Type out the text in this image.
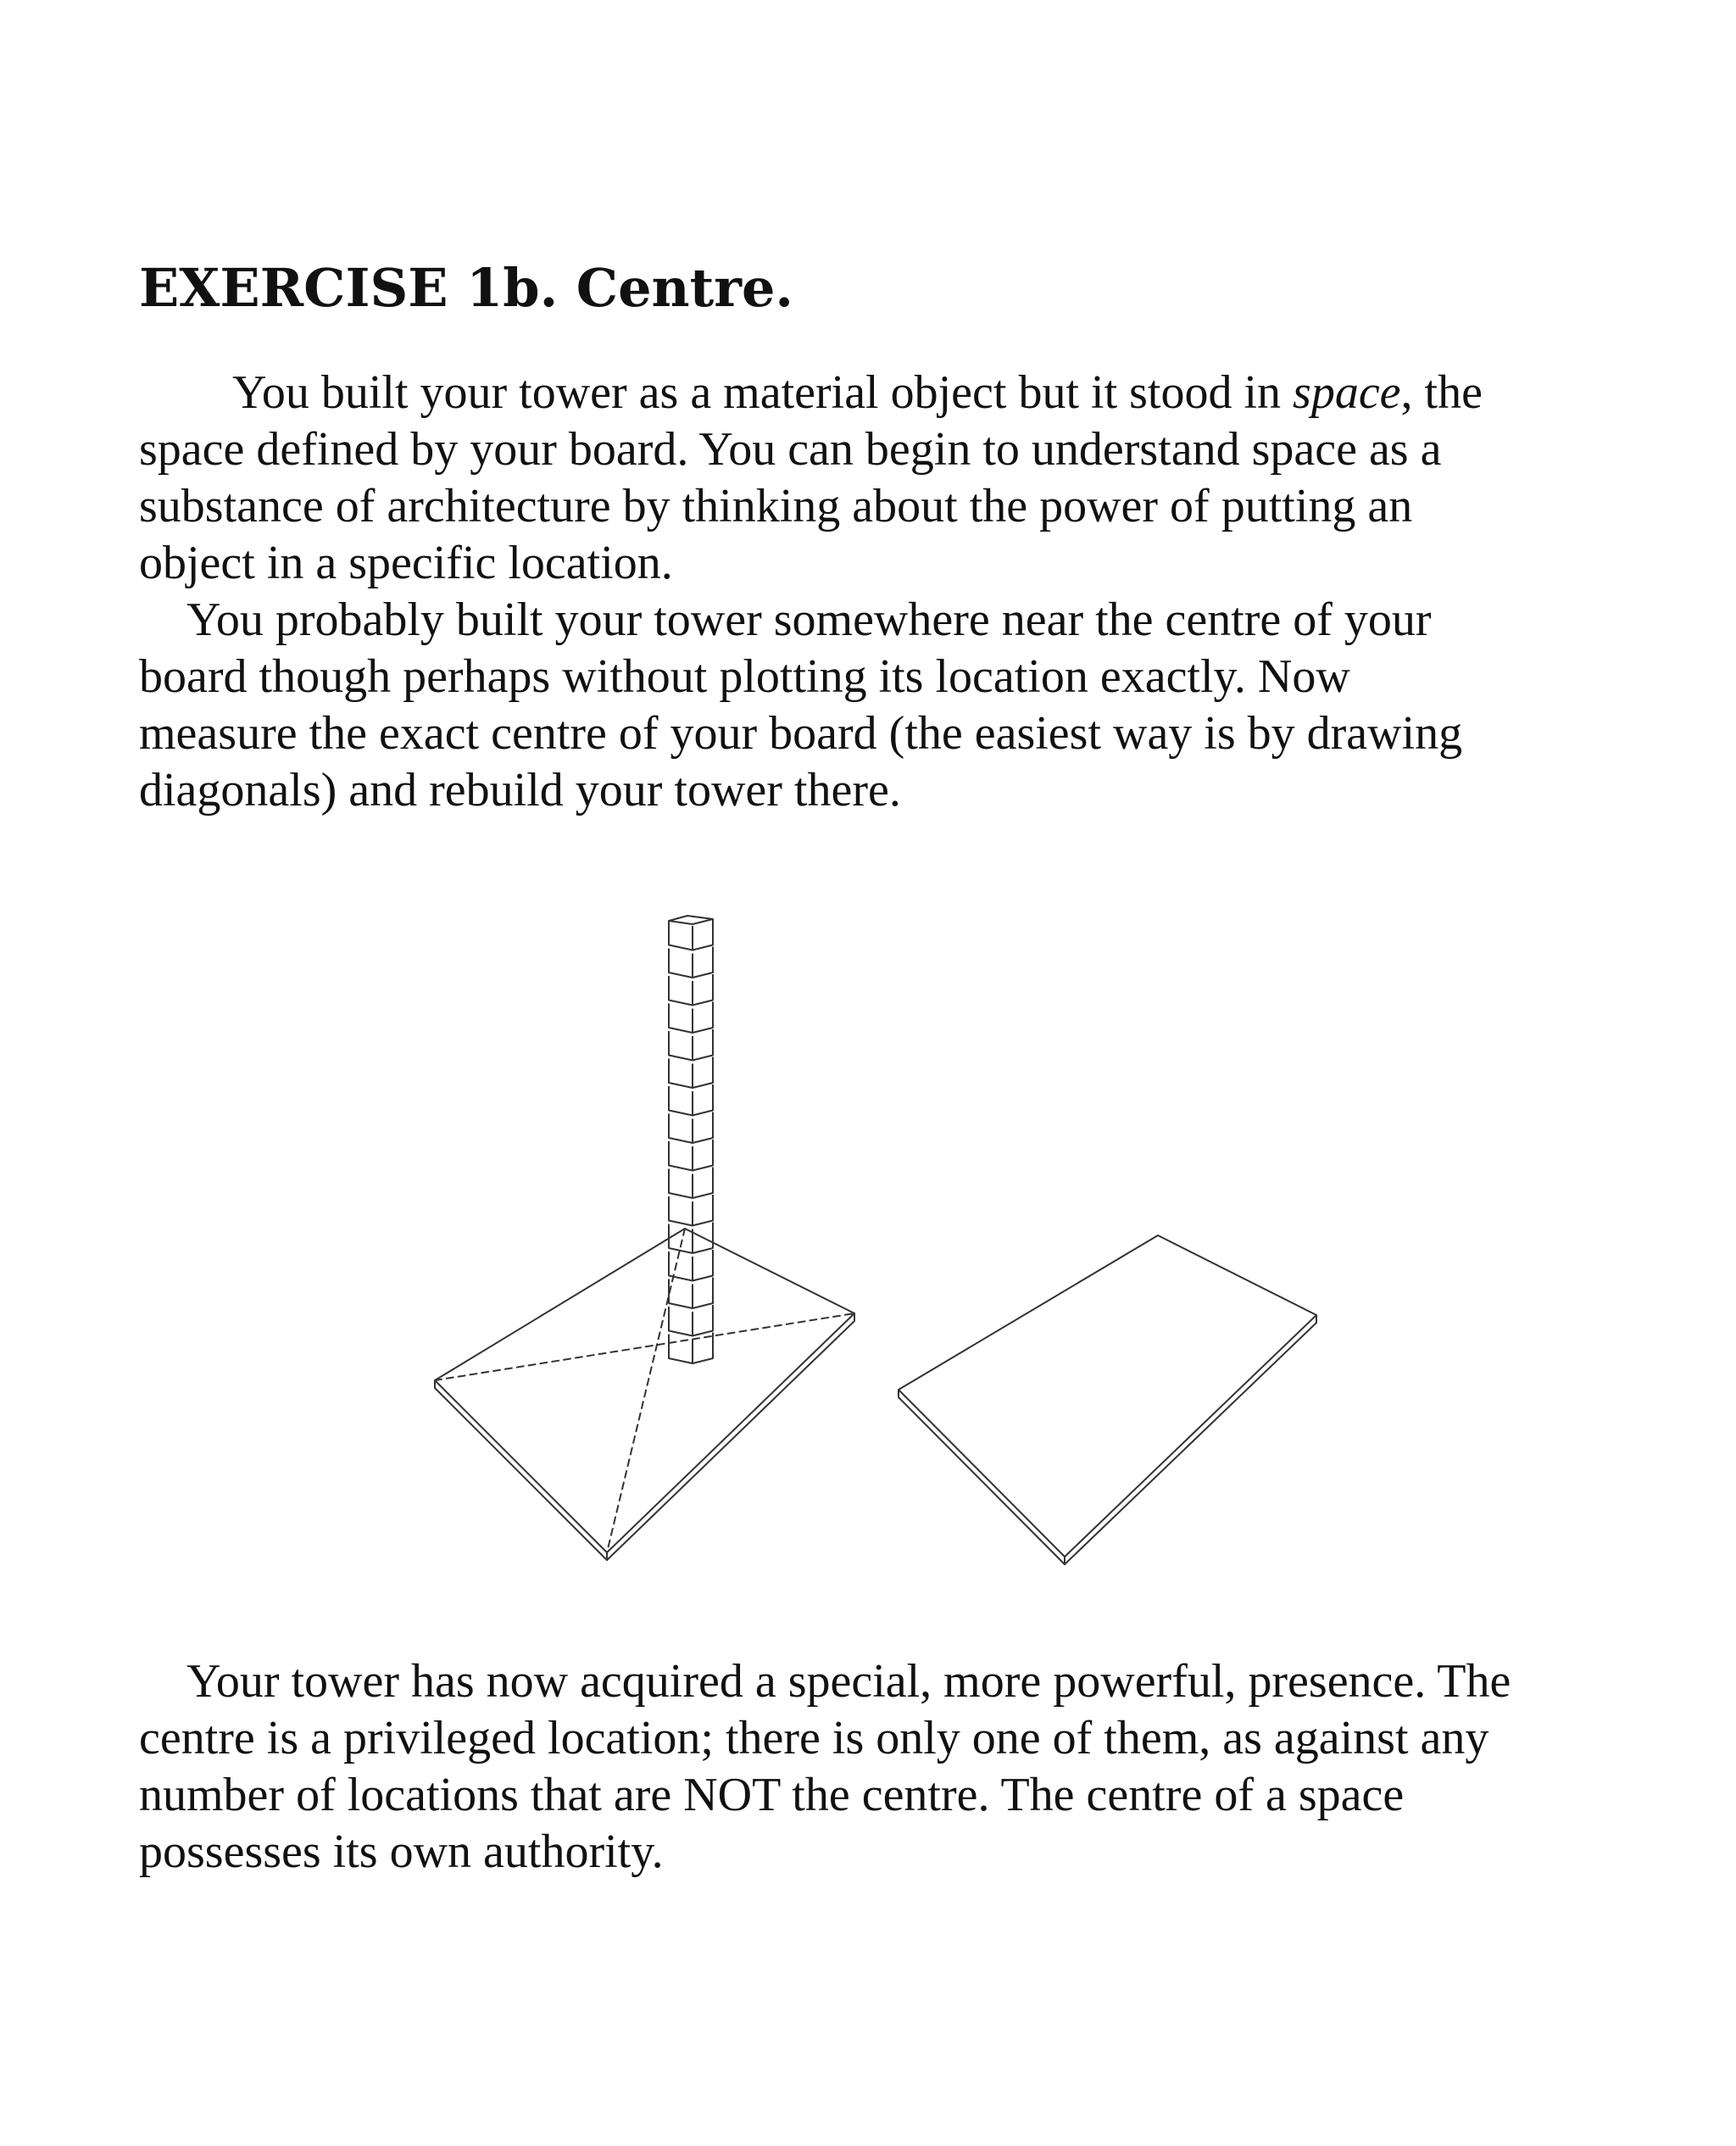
EXERCISE 1b. Centre.
You built your tower as a material object but it stood in space, the
space defined by your board. You can begin to understand space as a
substance of architecture by thinking about the power of putting an
object in a specific location.
You probably built your tower somewhere near the centre of your
board though perhaps without plotting its location exactly. Now
measure the exact centre of your board (the easiest way is by drawing
diagonals) and rebuild your tower there.
Your tower has now acquired a special, more powerful, presence. The
centre is a privileged location; there is only one of them, as against any
number of locations that are NOT the centre. The centre of a space
possesses its own authority.
